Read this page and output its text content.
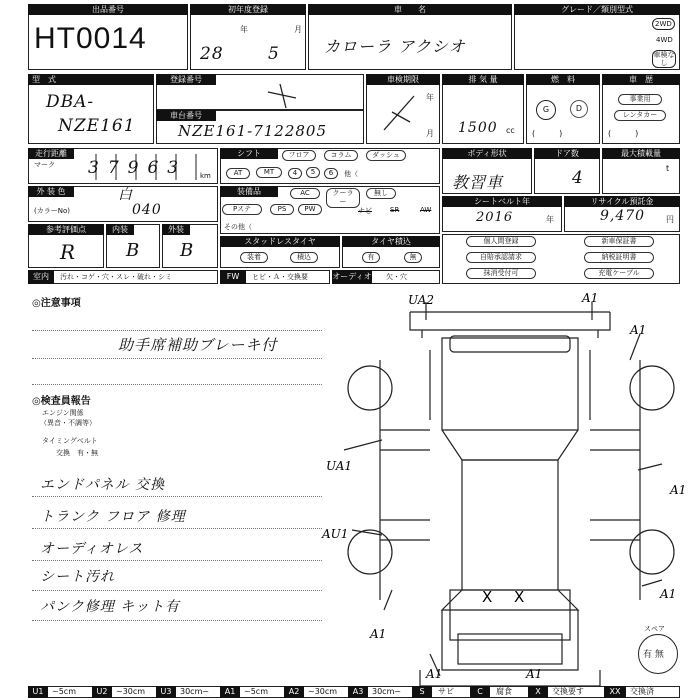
出品番号
HT0014
初年度登録
年	月
28	5
車　　名
カローラ アクシオ
グレード／類別型式
2WD
4WD
車検なし
型　式
DBA-
NZE161
登録番号
車台番号
NZE161-7122805
車検期限
年
月
排 気 量
1500 cc
燃　料
G	D
(　　　)
車　歴
事業用
レンタカー
(　　　)
走行距離
マーク 37963 km
シフト	フロア	コラム	ダッシュ
AT	MT	4	5	6	他（
ボディ形状
教習車
ドア数
4
最大積載量
t
外 装 色	白
(カラーNo)	040
装備品	AC	クーラー
無し
Pステ	PS	PW	ナビ	SR	AW
その他（
シートベルト年
2016	年
リサイクル預託金
9,470	円
参考評価点
R
内装
B
外装
B	スタッドレスタイヤ
装着	積込
タイヤ積込
有	無
個人間登録	新車保証書
自賠承認請求	納税証明書
抹消受付可	充電ケーブル
室内	汚れ・コゲ・穴・スレ・破れ・シミ	FW	ヒビ・Ａ・交換要	オーディオ 欠・穴
◎注意事項
助手席補助ブレーキ付
◎検査員報告
エンジン関係
（異音・不調等）
タイミングベルト
交換　有・無
エンドパネル 交換
トランク フロア 修理
オーディオレス
シート汚れ
パンク修理 キット有
UA2	A1
A1
UA1
A1
AU1
A1
A1
A1	A1
X X
スペア
有 無
U1	~5cm	U2	~30cm	U3	30cm~	A1	~5cm	A2	~30cm	A3	30cm~	S	サビ	C	腐食	X	交換要す	XX	交換済
